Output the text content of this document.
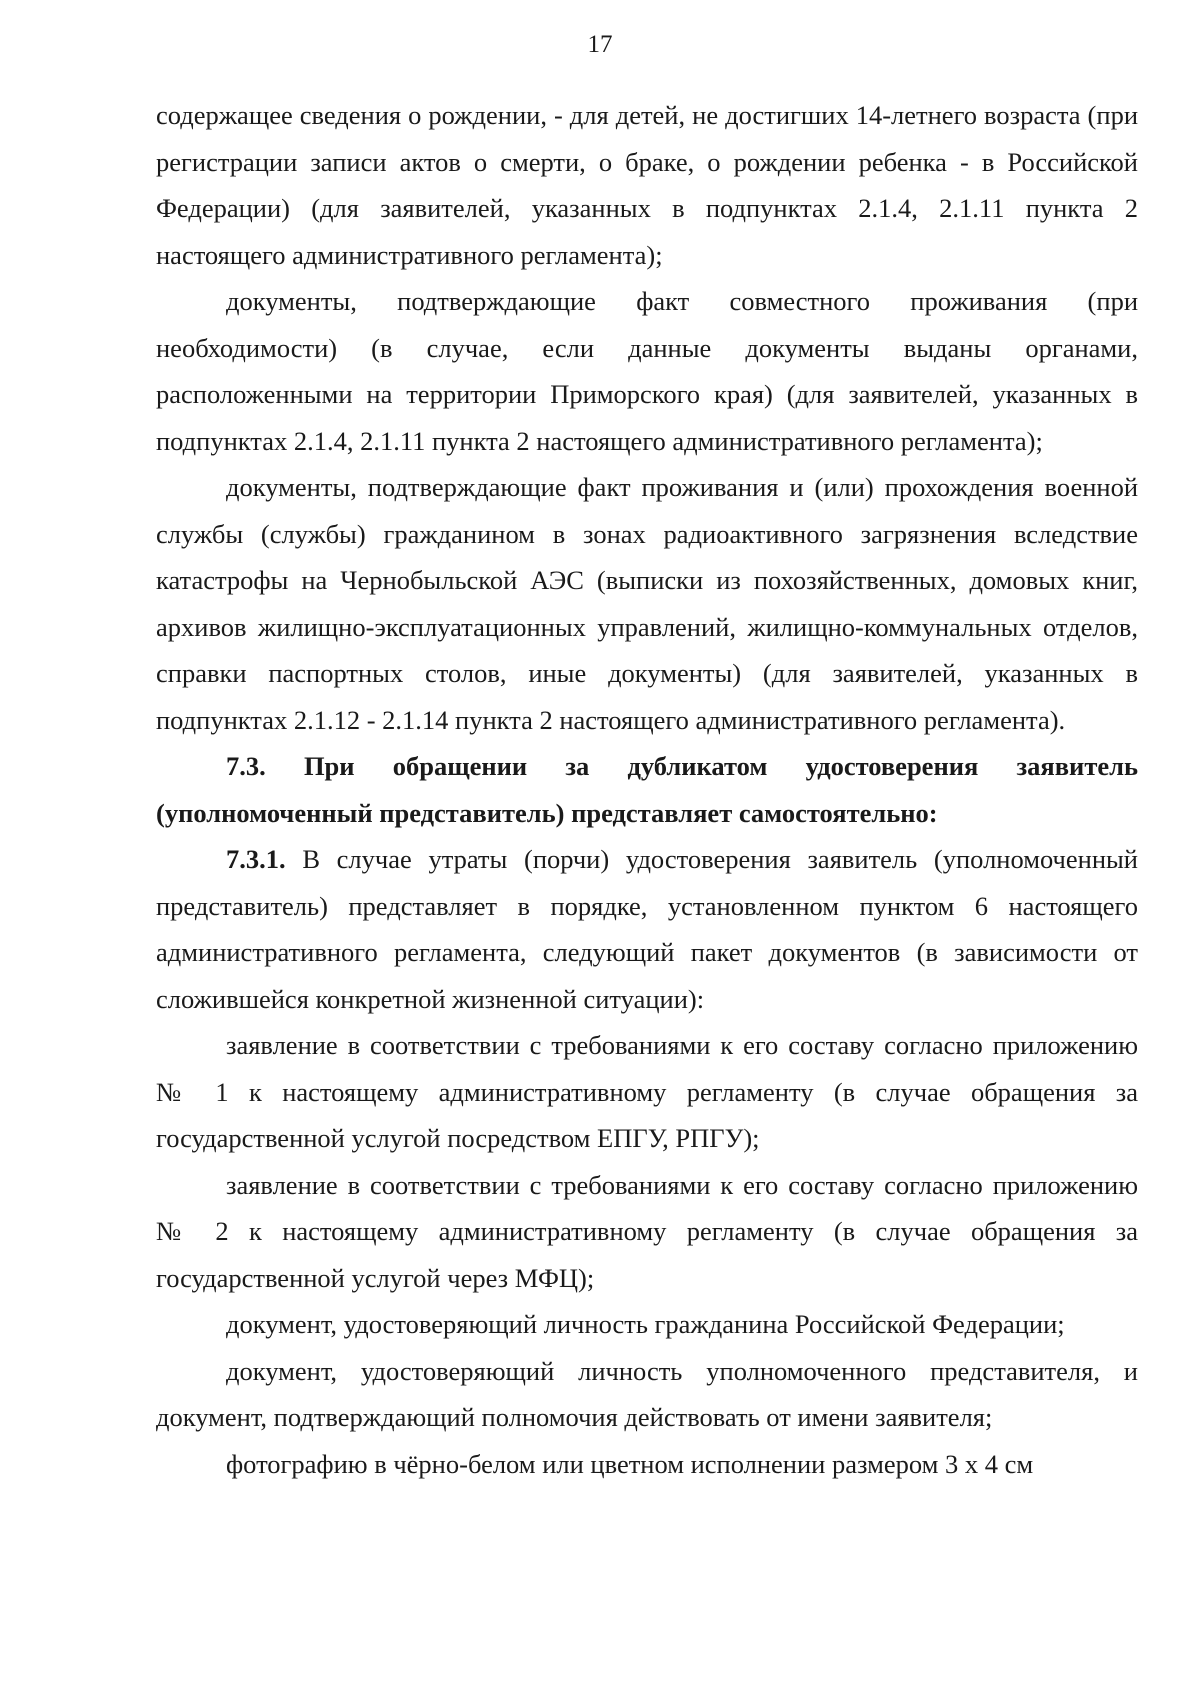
17

содержащее сведения о рождении, - для детей, не достигших 14-летнего возраста (при регистрации записи актов о смерти, о браке, о рождении ребенка - в Российской Федерации) (для заявителей, указанных в подпунктах 2.1.4, 2.1.11 пункта 2 настоящего административного регламента);

документы, подтверждающие факт совместного проживания (при необходимости) (в случае, если данные документы выданы органами, расположенными на территории Приморского края) (для заявителей, указанных в подпунктах 2.1.4, 2.1.11 пункта 2 настоящего административного регламента);

документы, подтверждающие факт проживания и (или) прохождения военной службы (службы) гражданином в зонах радиоактивного загрязнения вследствие катастрофы на Чернобыльской АЭС (выписки из похозяйственных, домовых книг, архивов жилищно-эксплуатационных управлений, жилищно-коммунальных отделов, справки паспортных столов, иные документы) (для заявителей, указанных в подпунктах 2.1.12 - 2.1.14 пункта 2 настоящего административного регламента).

7.3. При обращении за дубликатом удостоверения заявитель (уполномоченный представитель) представляет самостоятельно:

7.3.1. В случае утраты (порчи) удостоверения заявитель (уполномоченный представитель) представляет в порядке, установленном пунктом 6 настоящего административного регламента, следующий пакет документов (в зависимости от сложившейся конкретной жизненной ситуации):

заявление в соответствии с требованиями к его составу согласно приложению № 1 к настоящему административному регламенту (в случае обращения за государственной услугой посредством ЕПГУ, РПГУ);

заявление в соответствии с требованиями к его составу согласно приложению № 2 к настоящему административному регламенту (в случае обращения за государственной услугой через МФЦ);

документ, удостоверяющий личность гражданина Российской Федерации;

документ, удостоверяющий личность уполномоченного представителя, и документ, подтверждающий полномочия действовать от имени заявителя;

фотографию в чёрно-белом или цветном исполнении размером 3 х 4 см
